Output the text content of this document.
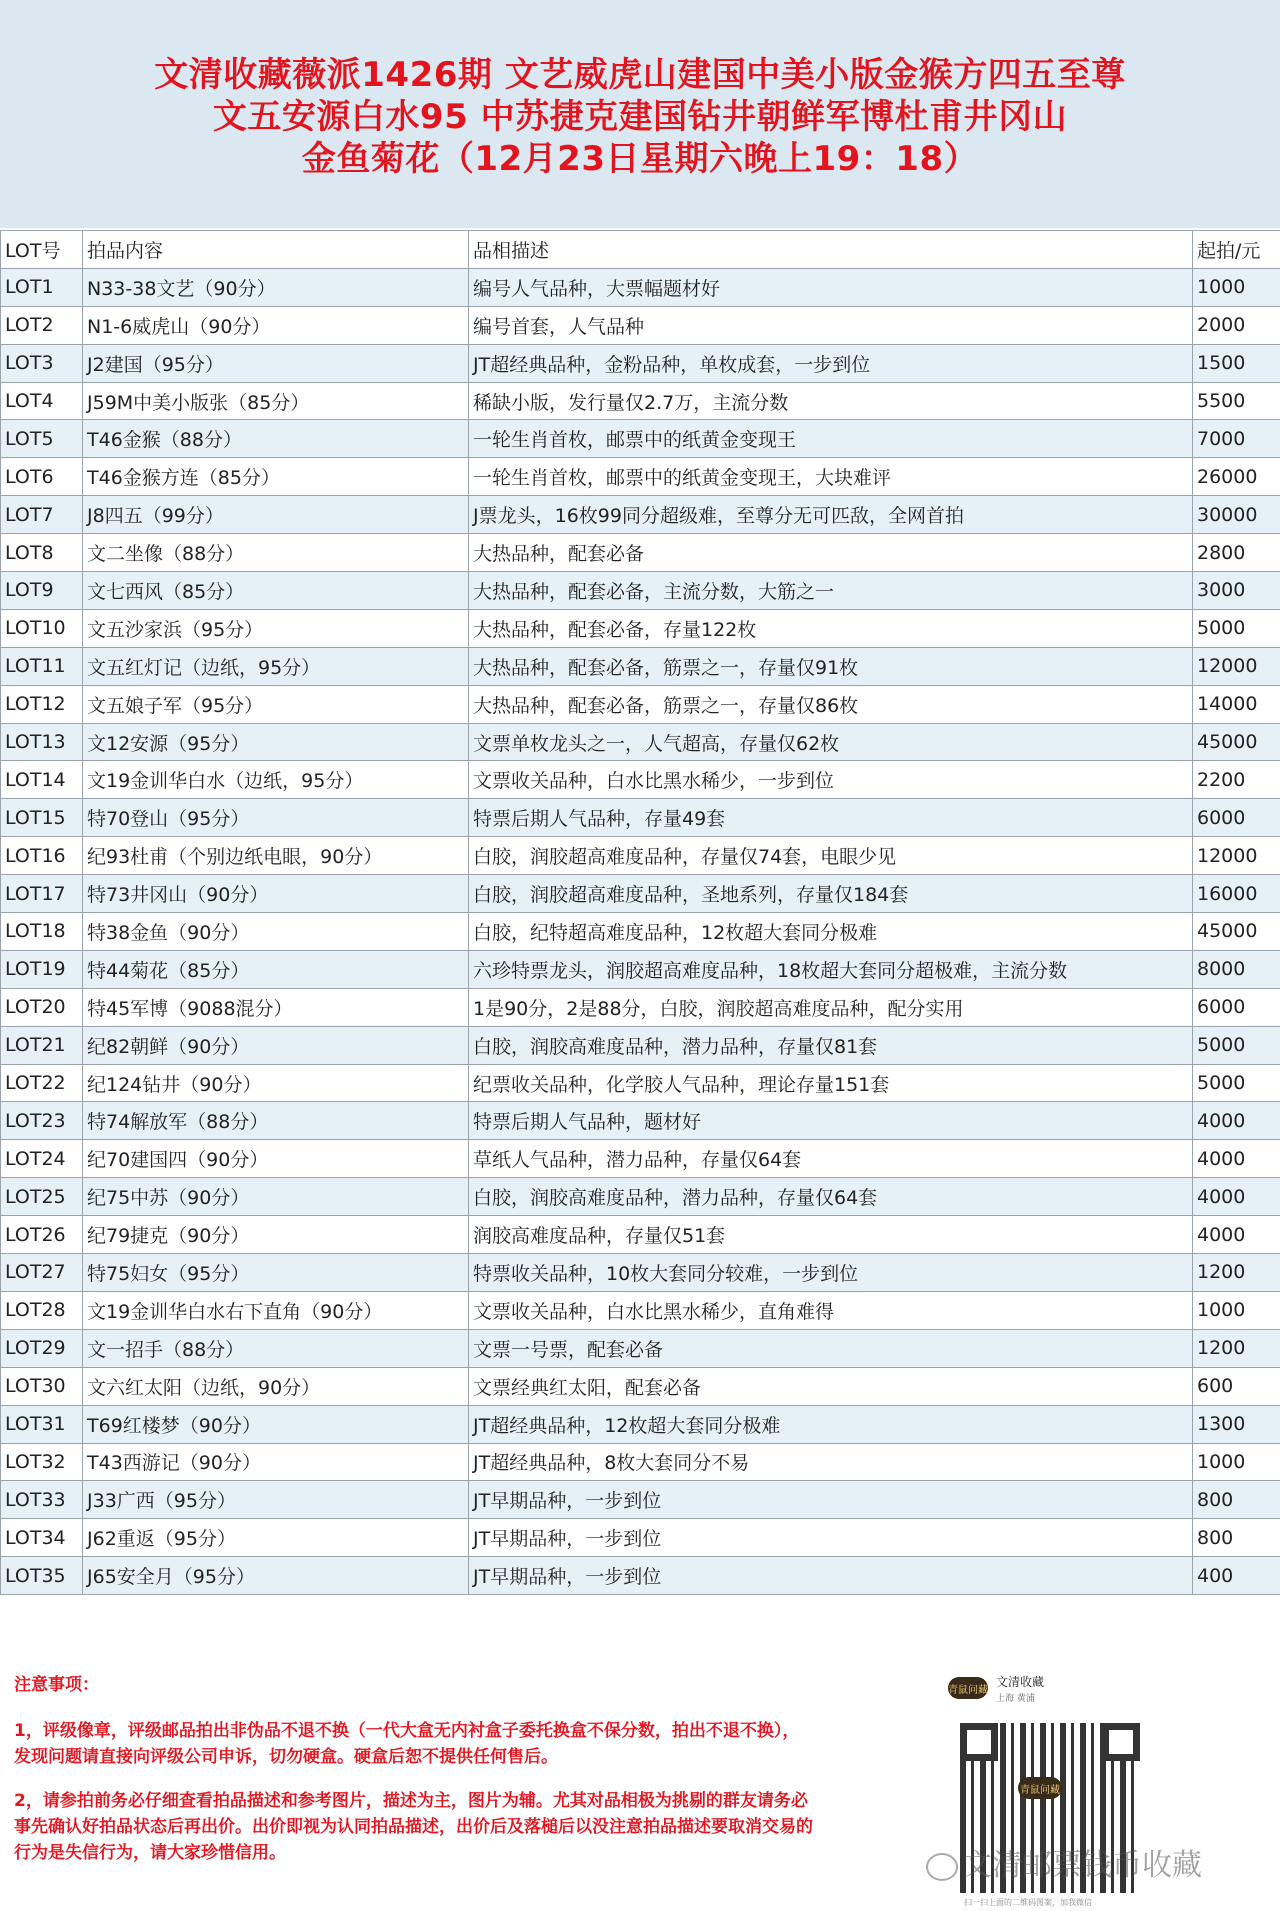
文清收藏薇派1426期 文艺威虎山建国中美小版金猴方四五至尊
文五安源白水95 中苏捷克建国钻井朝鲜军博杜甫井冈山
金鱼菊花（12月23日星期六晚上19：18）
LOT号	拍品内容	品相描述	起拍/元
LOT1	N33-38文艺（90分）	编号人气品种，大票幅题材好	1000
LOT2	N1-6威虎山（90分）	编号首套，人气品种	2000
LOT3	J2建国（95分）	JT超经典品种，金粉品种，单枚成套，一步到位	1500
LOT4	J59M中美小版张（85分）	稀缺小版，发行量仅2.7万，主流分数	5500
LOT5	T46金猴（88分）	一轮生肖首枚，邮票中的纸黄金变现王	7000
LOT6	T46金猴方连（85分）	一轮生肖首枚，邮票中的纸黄金变现王，大块难评	26000
LOT7	J8四五（99分）	J票龙头，16枚99同分超级难，至尊分无可匹敌，全网首拍	30000
LOT8	文二坐像（88分）	大热品种，配套必备	2800
LOT9	文七西风（85分）	大热品种，配套必备，主流分数，大筋之一	3000
LOT10	文五沙家浜（95分）	大热品种，配套必备，存量122枚	5000
LOT11	文五红灯记（边纸，95分）	大热品种，配套必备，筋票之一，存量仅91枚	12000
LOT12	文五娘子军（95分）	大热品种，配套必备，筋票之一，存量仅86枚	14000
LOT13	文12安源（95分）	文票单枚龙头之一，人气超高，存量仅62枚	45000
LOT14	文19金训华白水（边纸，95分）	文票收关品种，白水比黑水稀少，一步到位	2200
LOT15	特70登山（95分）	特票后期人气品种，存量49套	6000
LOT16	纪93杜甫（个别边纸电眼，90分）	白胶，润胶超高难度品种，存量仅74套，电眼少见	12000
LOT17	特73井冈山（90分）	白胶，润胶超高难度品种，圣地系列，存量仅184套	16000
LOT18	特38金鱼（90分）	白胶，纪特超高难度品种，12枚超大套同分极难	45000
LOT19	特44菊花（85分）	六珍特票龙头，润胶超高难度品种，18枚超大套同分超极难，主流分数	8000
LOT20	特45军博（9088混分）	1是90分，2是88分，白胶，润胶超高难度品种，配分实用	6000
LOT21	纪82朝鲜（90分）	白胶，润胶高难度品种，潜力品种，存量仅81套	5000
LOT22	纪124钻井（90分）	纪票收关品种，化学胶人气品种，理论存量151套	5000
LOT23	特74解放军（88分）	特票后期人气品种，题材好	4000
LOT24	纪70建国四（90分）	草纸人气品种，潜力品种，存量仅64套	4000
LOT25	纪75中苏（90分）	白胶，润胶高难度品种，潜力品种，存量仅64套	4000
LOT26	纪79捷克（90分）	润胶高难度品种，存量仅51套	4000
LOT27	特75妇女（95分）	特票收关品种，10枚大套同分较难，一步到位	1200
LOT28	文19金训华白水右下直角（90分）	文票收关品种，白水比黑水稀少，直角难得	1000
LOT29	文一招手（88分）	文票一号票，配套必备	1200
LOT30	文六红太阳（边纸，90分）	文票经典红太阳，配套必备	600
LOT31	T69红楼梦（90分）	JT超经典品种，12枚超大套同分极难	1300
LOT32	T43西游记（90分）	JT超经典品种，8枚大套同分不易	1000
LOT33	J33广西（95分）	JT早期品种，一步到位	800
LOT34	J62重返（95分）	JT早期品种，一步到位	800
LOT35	J65安全月（95分）	JT早期品种，一步到位	400
注意事项：

1，评级像章，评级邮品拍出非伪品不退不换（一代大盒无内衬盒子委托换盒不保分数，拍出不退不换），发现问题请直接向评级公司申诉，切勿硬盒。硬盒后恕不提供任何售后。

2，请参拍前务必仔细查看拍品描述和参考图片，描述为主，图片为辅。尤其对品相极为挑剔的群友请务必事先确认好拍品状态后再出价。出价即视为认同拍品描述，出价后及落槌后以没注意拍品描述要取消交易的行为是失信行为，请大家珍惜信用。

青鼠问藏
文清收藏
上海 黄浦
青鼠问藏
扫一扫上面的二维码图案，加我微信
文清邮票钱币收藏
